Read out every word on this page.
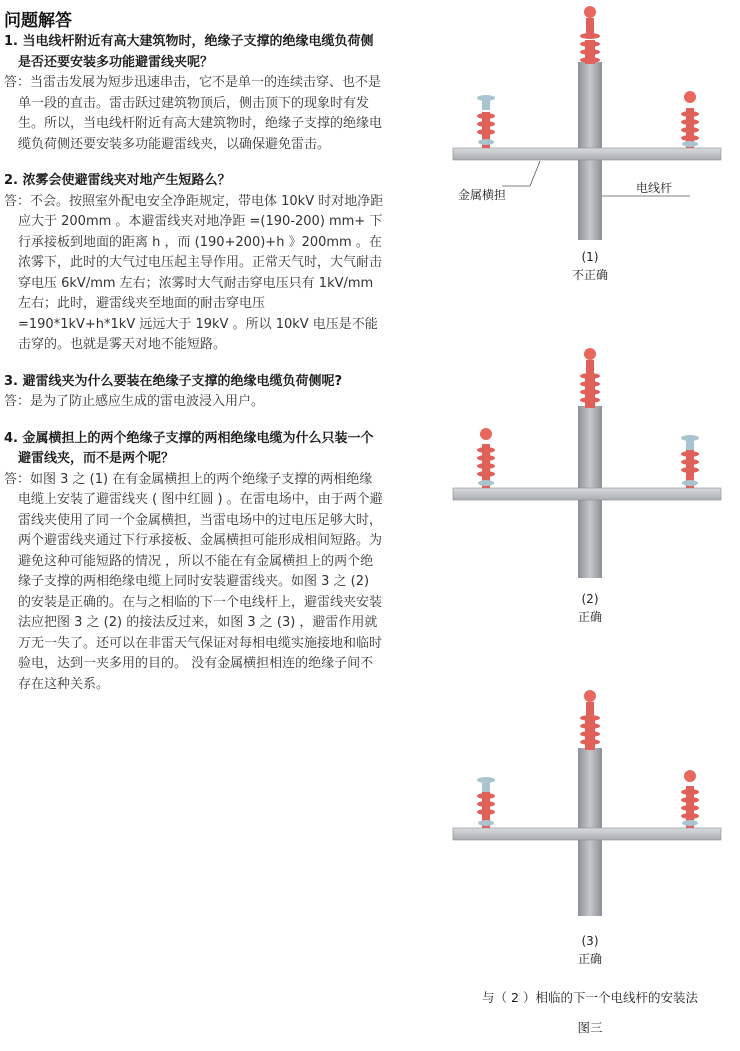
问题解答
1. 当电线杆附近有高大建筑物时，绝缘子支撑的绝缘电缆负荷侧是否还要安装多功能避雷线夹呢？
答：当雷击发展为短步迅速串击，它不是单一的连续击穿、也不是单一段的直击。雷击跃过建筑物顶后，侧击顶下的现象时有发生。所以，当电线杆附近有高大建筑物时，绝缘子支撑的绝缘电缆负荷侧还要安装多功能避雷线夹，以确保避免雷击。
2. 浓雾会使避雷线夹对地产生短路么？
答：不会。按照室外配电安全净距规定，带电体 10kV 时对地净距应大于 200mm 。本避雷线夹对地净距 =(190-200) mm+ 下行承接板到地面的距离 h ，而 (190+200)+h 》200mm 。在浓雾下，此时的大气过电压起主导作用。正常天气时，大气耐击穿电压 6kV/mm 左右；浓雾时大气耐击穿电压只有 1kV/mm 左右；此时，避雷线夹至地面的耐击穿电压 =190*1kV+h*1kV 远远大于 19kV 。所以 10kV 电压是不能击穿的。也就是雾天对地不能短路。
3. 避雷线夹为什么要装在绝缘子支撑的绝缘电缆负荷侧呢?
答：是为了防止感应生成的雷电波浸入用户。
4. 金属横担上的两个绝缘子支撑的两相绝缘电缆为什么只装一个避雷线夹，而不是两个呢？
答：如图 3 之 (1) 在有金属横担上的两个绝缘子支撑的两相绝缘电缆上安装了避雷线夹 ( 图中红圆 ) 。在雷电场中，由于两个避雷线夹使用了同一个金属横担，当雷电场中的过电压足够大时，两个避雷线夹通过下行承接板、金属横担可能形成相间短路。为避免这种可能短路的情况 ，所以不能在有金属横担上的两个绝缘子支撑的两相绝缘电缆上同时安装避雷线夹。如图 3 之 (2) 的安装是正确的。在与之相临的下一个电线杆上，避雷线夹安装法应把图 3 之 (2) 的接法反过来，如图 3 之 (3) ，避雷作用就万无一失了。还可以在非雷天气保证对每相电缆实施接地和临时验电，达到一夹多用的目的。 没有金属横担相连的绝缘子间不存在这种关系。
金属横担	电线杆
(1)
不正确
(2)
正确
(3)
正确
与（ 2 ）相临的下一个电线杆的安装法
图三
